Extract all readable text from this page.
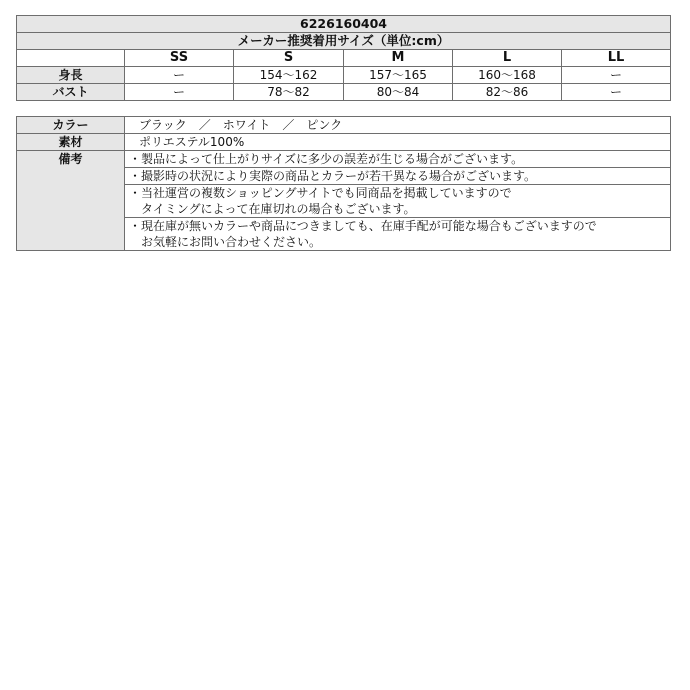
6226160404					
メーカー推奨着用サイズ（単位:cm）					
	SS	S	M	L	LL
身長	ー	154〜162	157〜165	160〜168	ー
バスト	ー	78〜82	80〜84	82〜86	ー
カラー	ブラック　／　ホワイト　／　ピンク
素材	ポリエステル100%
備考	・製品によって仕上がりサイズに多少の誤差が生じる場合がございます。

	・撮影時の状況により実際の商品とカラーが若干異なる場合がございます。

	・当社運営の複数ショッピングサイトでも同商品を掲載していますので
タイミングによって在庫切れの場合もございます。

	・現在庫が無いカラーや商品につきましても、在庫手配が可能な場合もございますので
お気軽にお問い合わせください。
